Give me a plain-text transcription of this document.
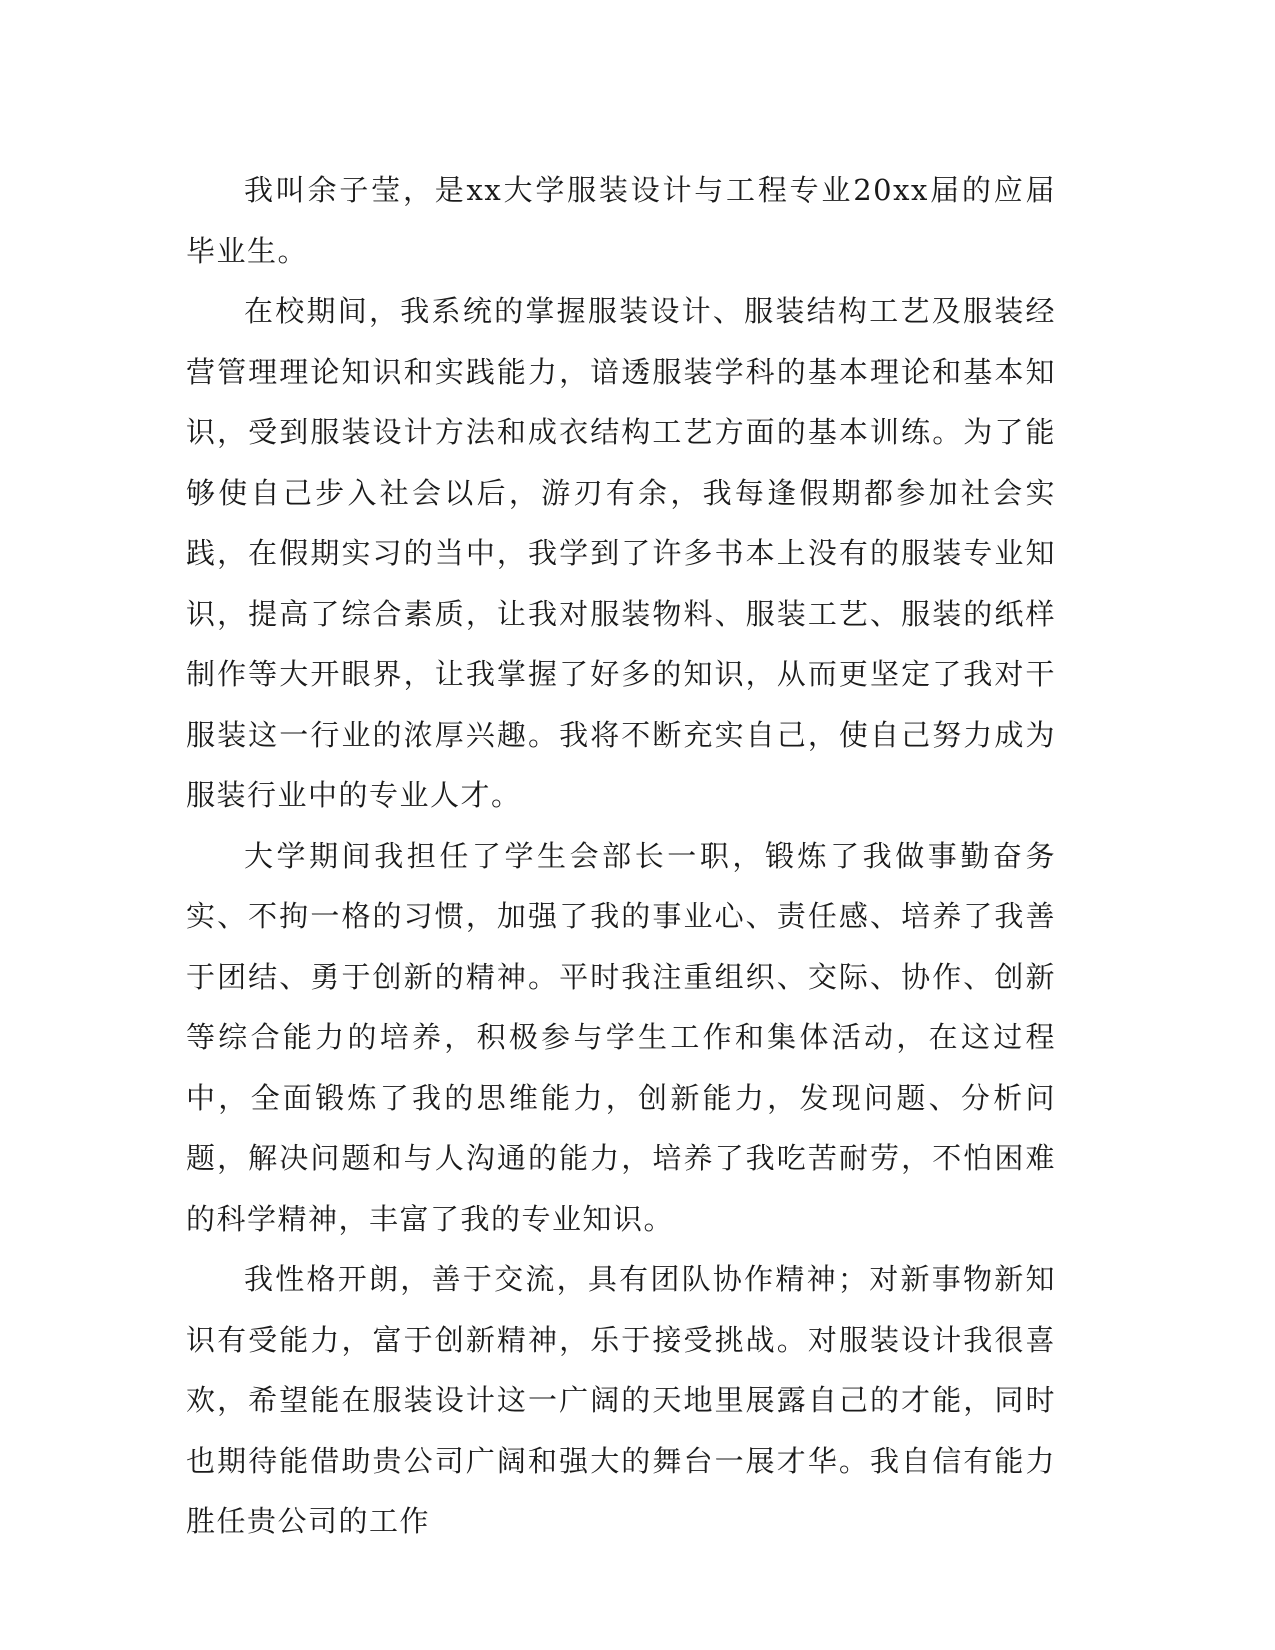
我叫余子莹，是xx大学服装设计与工程专业20xx届的应届毕业生。

在校期间，我系统的掌握服装设计、服装结构工艺及服装经营管理理论知识和实践能力，谙透服装学科的基本理论和基本知识，受到服装设计方法和成衣结构工艺方面的基本训练。为了能够使自己步入社会以后，游刃有余，我每逢假期都参加社会实践，在假期实习的当中，我学到了许多书本上没有的服装专业知识，提高了综合素质，让我对服装物料、服装工艺、服装的纸样制作等大开眼界，让我掌握了好多的知识，从而更坚定了我对干服装这一行业的浓厚兴趣。我将不断充实自己，使自己努力成为服装行业中的专业人才。

大学期间我担任了学生会部长一职，锻炼了我做事勤奋务实、不拘一格的习惯，加强了我的事业心、责任感、培养了我善于团结、勇于创新的精神。平时我注重组织、交际、协作、创新等综合能力的培养，积极参与学生工作和集体活动，在这过程中，全面锻炼了我的思维能力，创新能力，发现问题、分析问题，解决问题和与人沟通的能力，培养了我吃苦耐劳，不怕困难的科学精神，丰富了我的专业知识。

我性格开朗，善于交流，具有团队协作精神；对新事物新知识有受能力，富于创新精神，乐于接受挑战。对服装设计我很喜欢，希望能在服装设计这一广阔的天地里展露自己的才能，同时也期待能借助贵公司广阔和强大的舞台一展才华。我自信有能力胜任贵公司的工作
